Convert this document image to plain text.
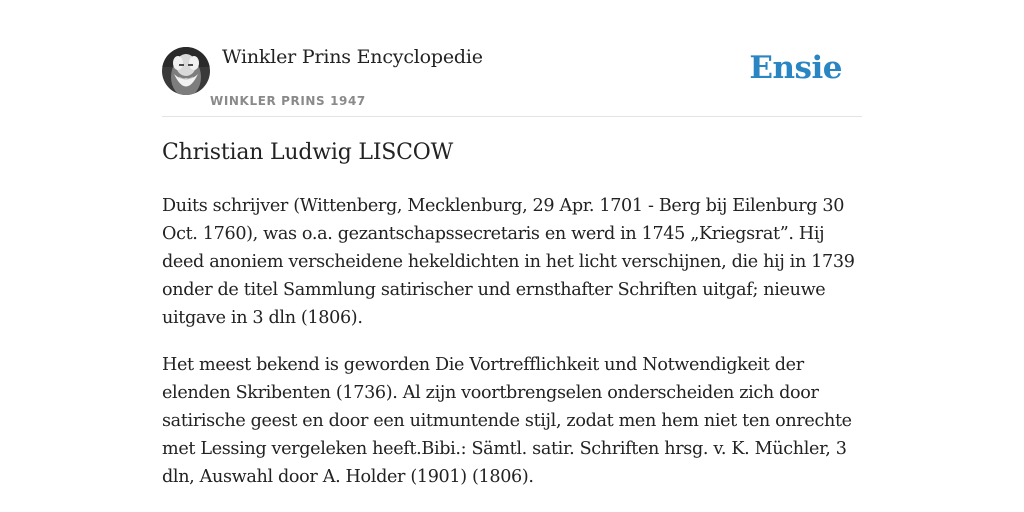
Winkler Prins Encyclopedie
WINKLER PRINS 1947
Ensie
Christian Ludwig LISCOW

Duits schrijver (Wittenberg, Mecklenburg, 29 Apr. 1701 - Berg bij Eilenburg 30 Oct. 1760), was o.a. gezantschapssecretaris en werd in 1745 „Kriegsrat”. Hij deed anoniem verscheidene hekeldichten in het licht verschijnen, die hij in 1739 onder de titel Sammlung satirischer und ernsthafter Schriften uitgaf; nieuwe uitgave in 3 dln (1806).

Het meest bekend is geworden Die Vortrefflichkeit und Notwendigkeit der elenden Skribenten (1736). Al zijn voortbrengselen onderscheiden zich door satirische geest en door een uitmuntende stijl, zodat men hem niet ten onrechte met Lessing vergeleken heeft.Bibi.: Sämtl. satir. Schriften hrsg. v. K. Müchler, 3 dln, Auswahl door A. Holder (1901) (1806).
